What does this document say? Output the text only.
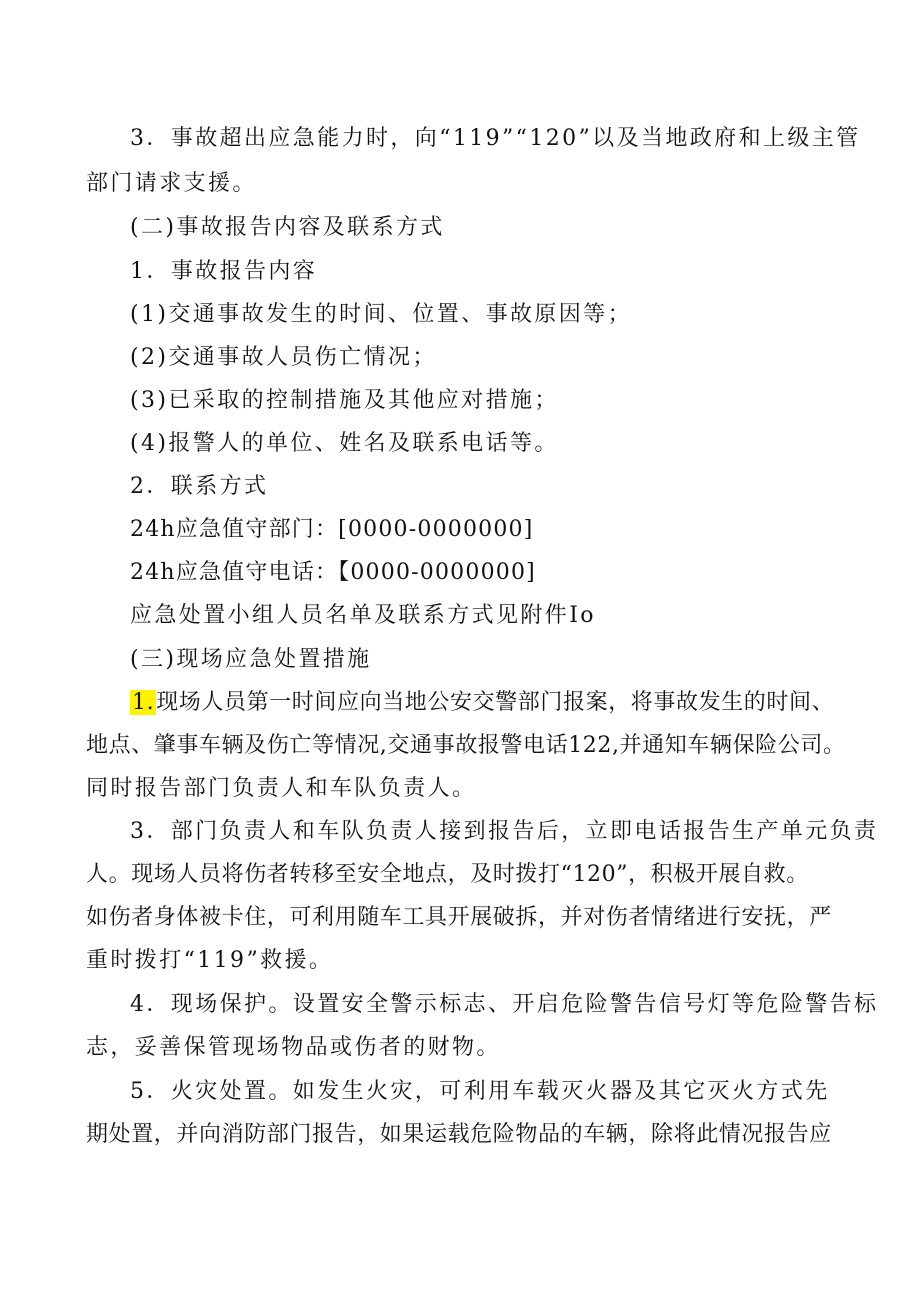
3．事故超出应急能力时，向“119”“120”以及当地政府和上级主管
部门请求支援。
(二)事故报告内容及联系方式
1．事故报告内容
(1)交通事故发生的时间、位置、事故原因等；
(2)交通事故人员伤亡情况；
(3)已采取的控制措施及其他应对措施；
(4)报警人的单位、姓名及联系电话等。
2．联系方式
24h应急值守部门：[0000-0000000]
24h应急值守电话：【0000-0000000]
应急处置小组人员名单及联系方式见附件Io
(三)现场应急处置措施
1.现场人员第一时间应向当地公安交警部门报案，将事故发生的时间、
地点、肇事车辆及伤亡等情况,交通事故报警电话122,并通知车辆保险公司。
同时报告部门负责人和车队负责人。
3．部门负责人和车队负责人接到报告后，立即电话报告生产单元负责
人。现场人员将伤者转移至安全地点，及时拨打“120”，积极开展自救。
如伤者身体被卡住，可利用随车工具开展破拆，并对伤者情绪进行安抚，严
重时拨打“119”救援。
4．现场保护。设置安全警示标志、开启危险警告信号灯等危险警告标
志，妥善保管现场物品或伤者的财物。
5．火灾处置。如发生火灾，可利用车载灭火器及其它灭火方式先
期处置，并向消防部门报告，如果运载危险物品的车辆，除将此情况报告应
